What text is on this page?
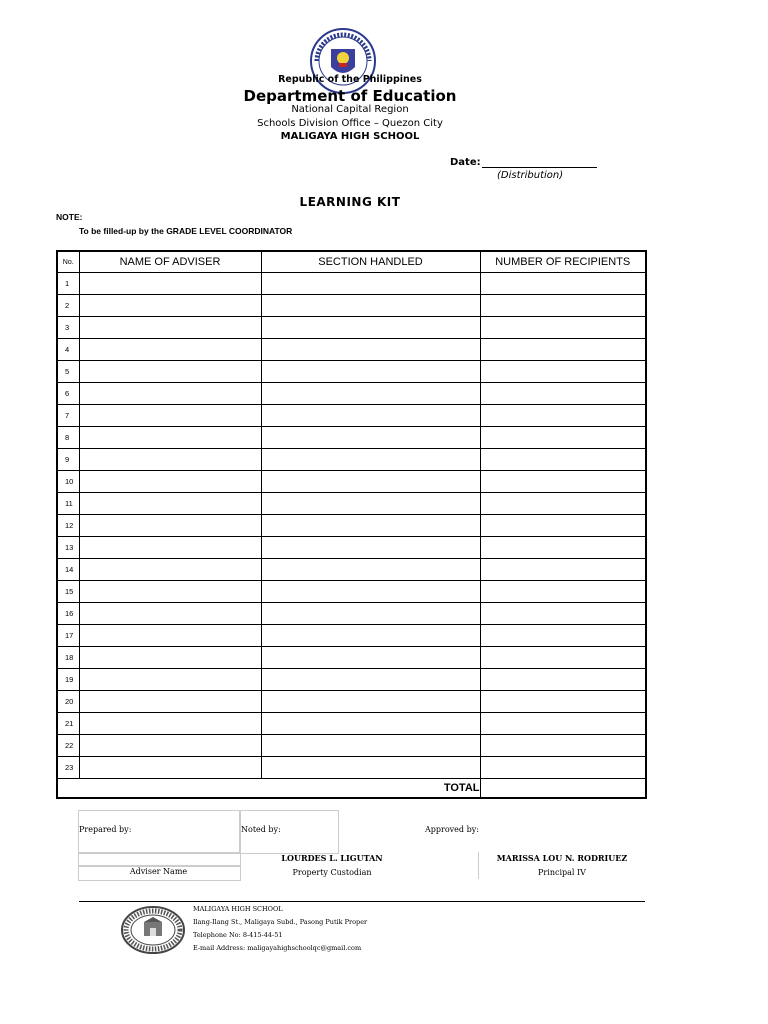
Republic of the Philippines
Department of Education
National Capital Region
Schools Division Office – Quezon City
MALIGAYA HIGH SCHOOL
Date:
(Distribution)
LEARNING KIT
NOTE:
To be filled-up by the GRADE LEVEL COORDINATOR
No.	NAME OF ADVISER	SECTION HANDLED	NUMBER OF RECIPIENTS
1			
2			
3			
4			
5			
6			
7			
8			
9			
10			
11			
12			
13			
14			
15			
16			
17			
18			
19			
20			
21			
22			
23			
TOTAL			
Prepared by:	Noted by:	Approved by:
Adviser Name
LOURDES L. LIGUTAN
Property Custodian
MARISSA LOU N. RODRIUEZ
Principal IV
MALIGAYA HIGH SCHOOL
Ilang-Ilang St., Maligaya Subd., Pasong Putik Proper
Telephone No: 8-415-44-51
E-mail Address: maligayahighschoolqc@gmail.com
